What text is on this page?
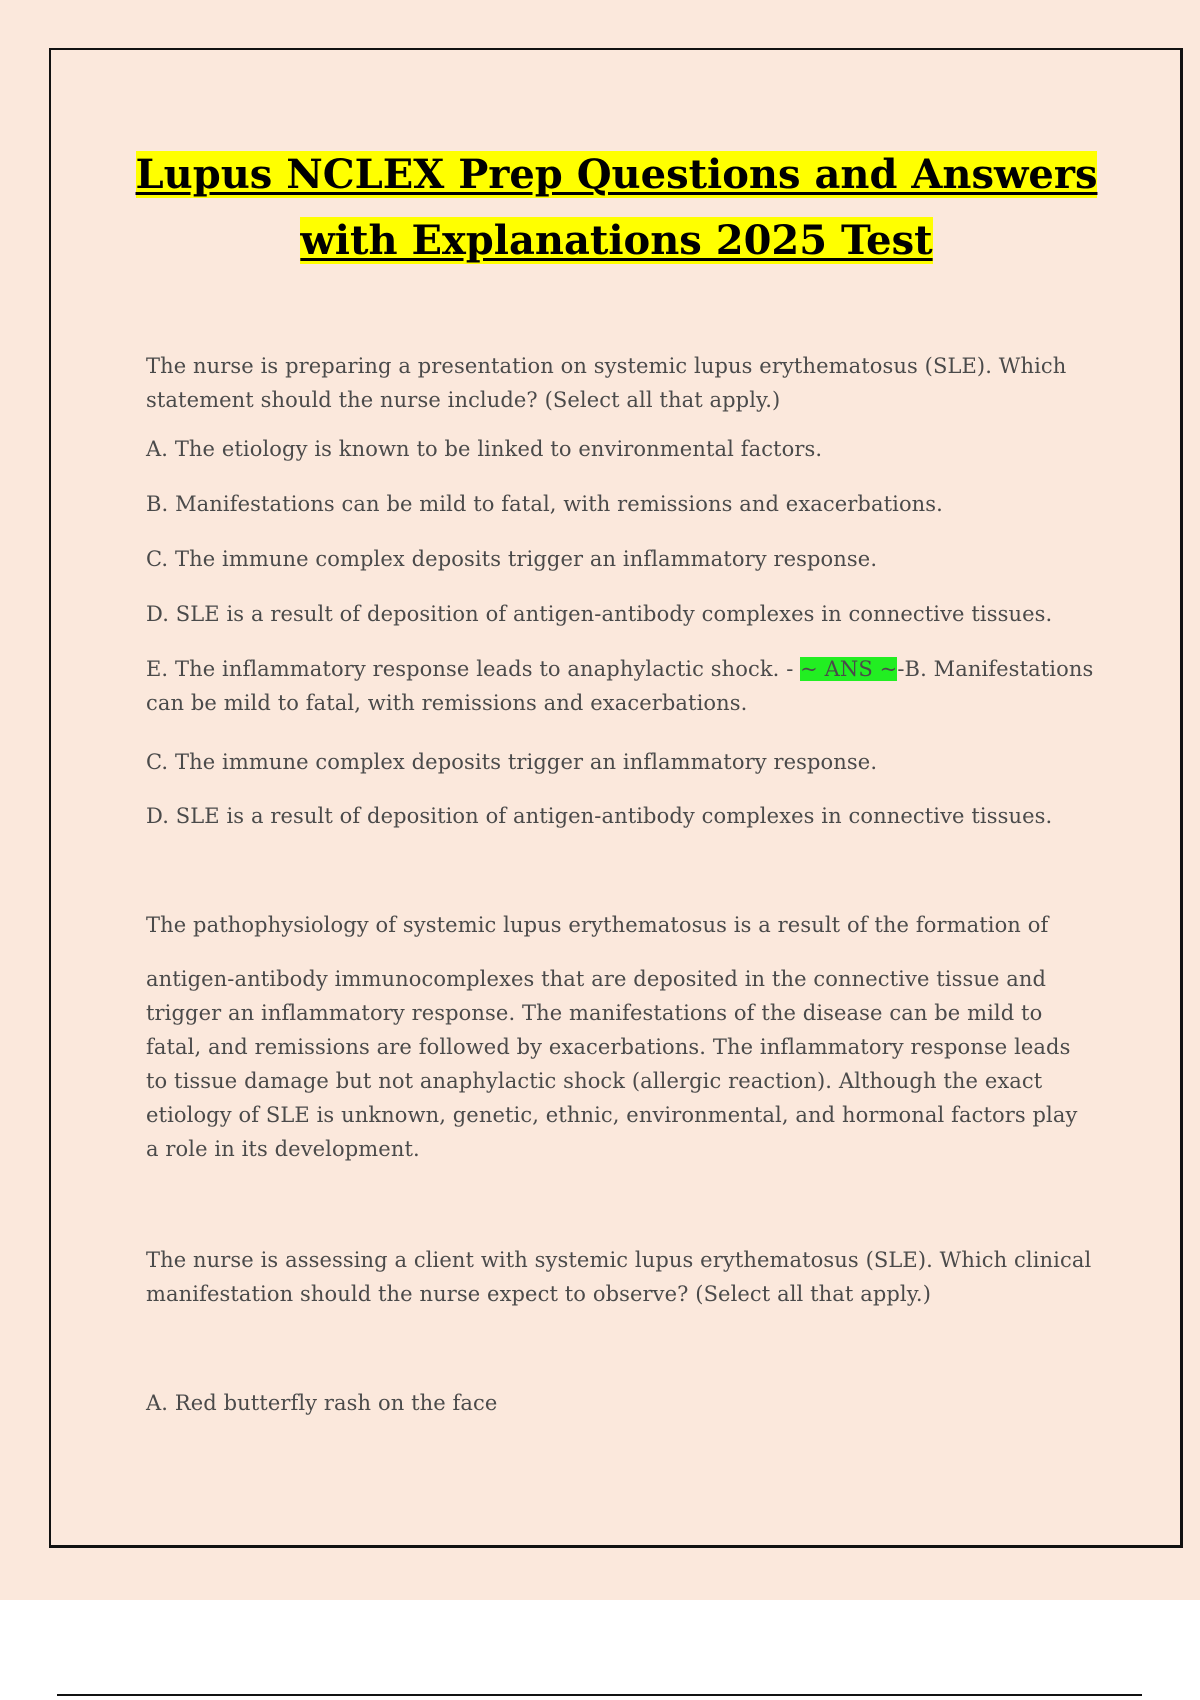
Lupus NCLEX Prep Questions and Answers with Explanations 2025 Test
The nurse is preparing a presentation on systemic lupus erythematosus (SLE). Which statement should the nurse include? (Select all that apply.)
A. The etiology is known to be linked to environmental factors.
B. Manifestations can be mild to fatal, with remissions and exacerbations.
C. The immune complex deposits trigger an inflammatory response.
D. SLE is a result of deposition of antigen-antibody complexes in connective tissues.
E. The inflammatory response leads to anaphylactic shock. - ~ ANS ~-B. Manifestations can be mild to fatal, with remissions and exacerbations.
C. The immune complex deposits trigger an inflammatory response.
D. SLE is a result of deposition of antigen-antibody complexes in connective tissues.
The pathophysiology of systemic lupus erythematosus is a result of the formation of
antigen-antibody immunocomplexes that are deposited in the connective tissue and trigger an inflammatory response. The manifestations of the disease can be mild to fatal, and remissions are followed by exacerbations. The inflammatory response leads to tissue damage but not anaphylactic shock (allergic reaction). Although the exact etiology of SLE is unknown, genetic, ethnic, environmental, and hormonal factors play a role in its development.
The nurse is assessing a client with systemic lupus erythematosus (SLE). Which clinical manifestation should the nurse expect to observe? (Select all that apply.)
A. Red butterfly rash on the face
